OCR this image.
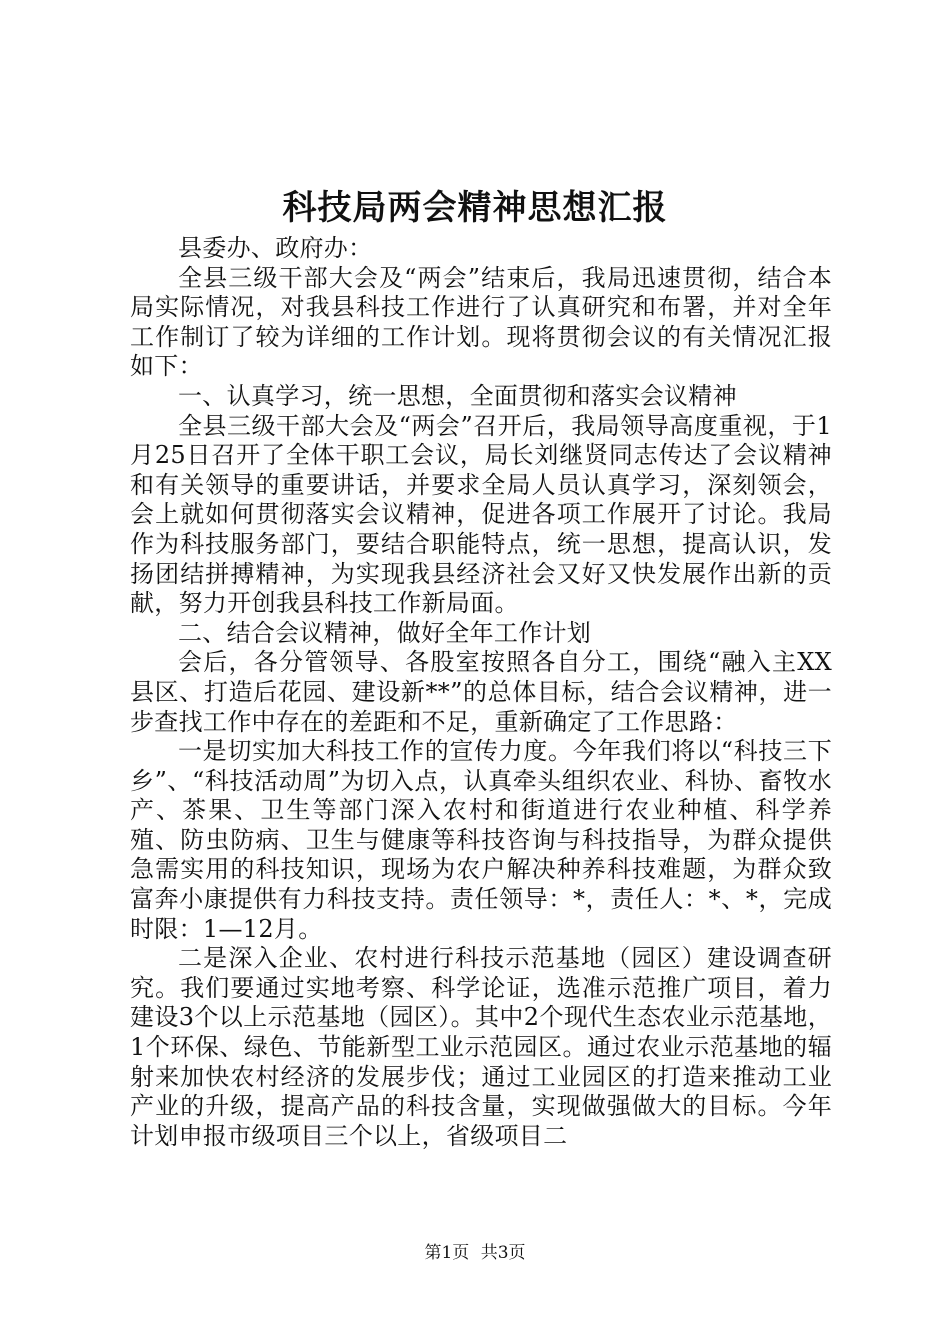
科技局两会精神思想汇报

县委办、政府办：

全县三级干部大会及“两会”结束后，我局迅速贯彻，结合本局实际情况，对我县科技工作进行了认真研究和布署，并对全年工作制订了较为详细的工作计划。现将贯彻会议的有关情况汇报如下：

一、认真学习，统一思想，全面贯彻和落实会议精神

全县三级干部大会及“两会”召开后，我局领导高度重视，于1月25日召开了全体干职工会议，局长刘继贤同志传达了会议精神和有关领导的重要讲话，并要求全局人员认真学习，深刻领会，会上就如何贯彻落实会议精神，促进各项工作展开了讨论。我局作为科技服务部门，要结合职能特点，统一思想，提高认识，发扬团结拼搏精神，为实现我县经济社会又好又快发展作出新的贡献，努力开创我县科技工作新局面。

二、结合会议精神，做好全年工作计划

会后，各分管领导、各股室按照各自分工，围绕“融入主XX县区、打造后花园、建设新**”的总体目标，结合会议精神，进一步查找工作中存在的差距和不足，重新确定了工作思路：

一是切实加大科技工作的宣传力度。今年我们将以“科技三下乡”、“科技活动周”为切入点，认真牵头组织农业、科协、畜牧水产、茶果、卫生等部门深入农村和街道进行农业种植、科学养殖、防虫防病、卫生与健康等科技咨询与科技指导，为群众提供急需实用的科技知识，现场为农户解决种养科技难题，为群众致富奔小康提供有力科技支持。责任领导：*，责任人：*、*，完成时限：1—12月。

二是深入企业、农村进行科技示范基地（园区）建设调查研究。我们要通过实地考察、科学论证，选准示范推广项目，着力建设3个以上示范基地（园区）。其中2个现代生态农业示范基地，1个环保、绿色、节能新型工业示范园区。通过农业示范基地的辐射来加快农村经济的发展步伐；通过工业园区的打造来推动工业产业的升级，提高产品的科技含量，实现做强做大的目标。今年计划申报市级项目三个以上，省级项目二

第1页 共3页
